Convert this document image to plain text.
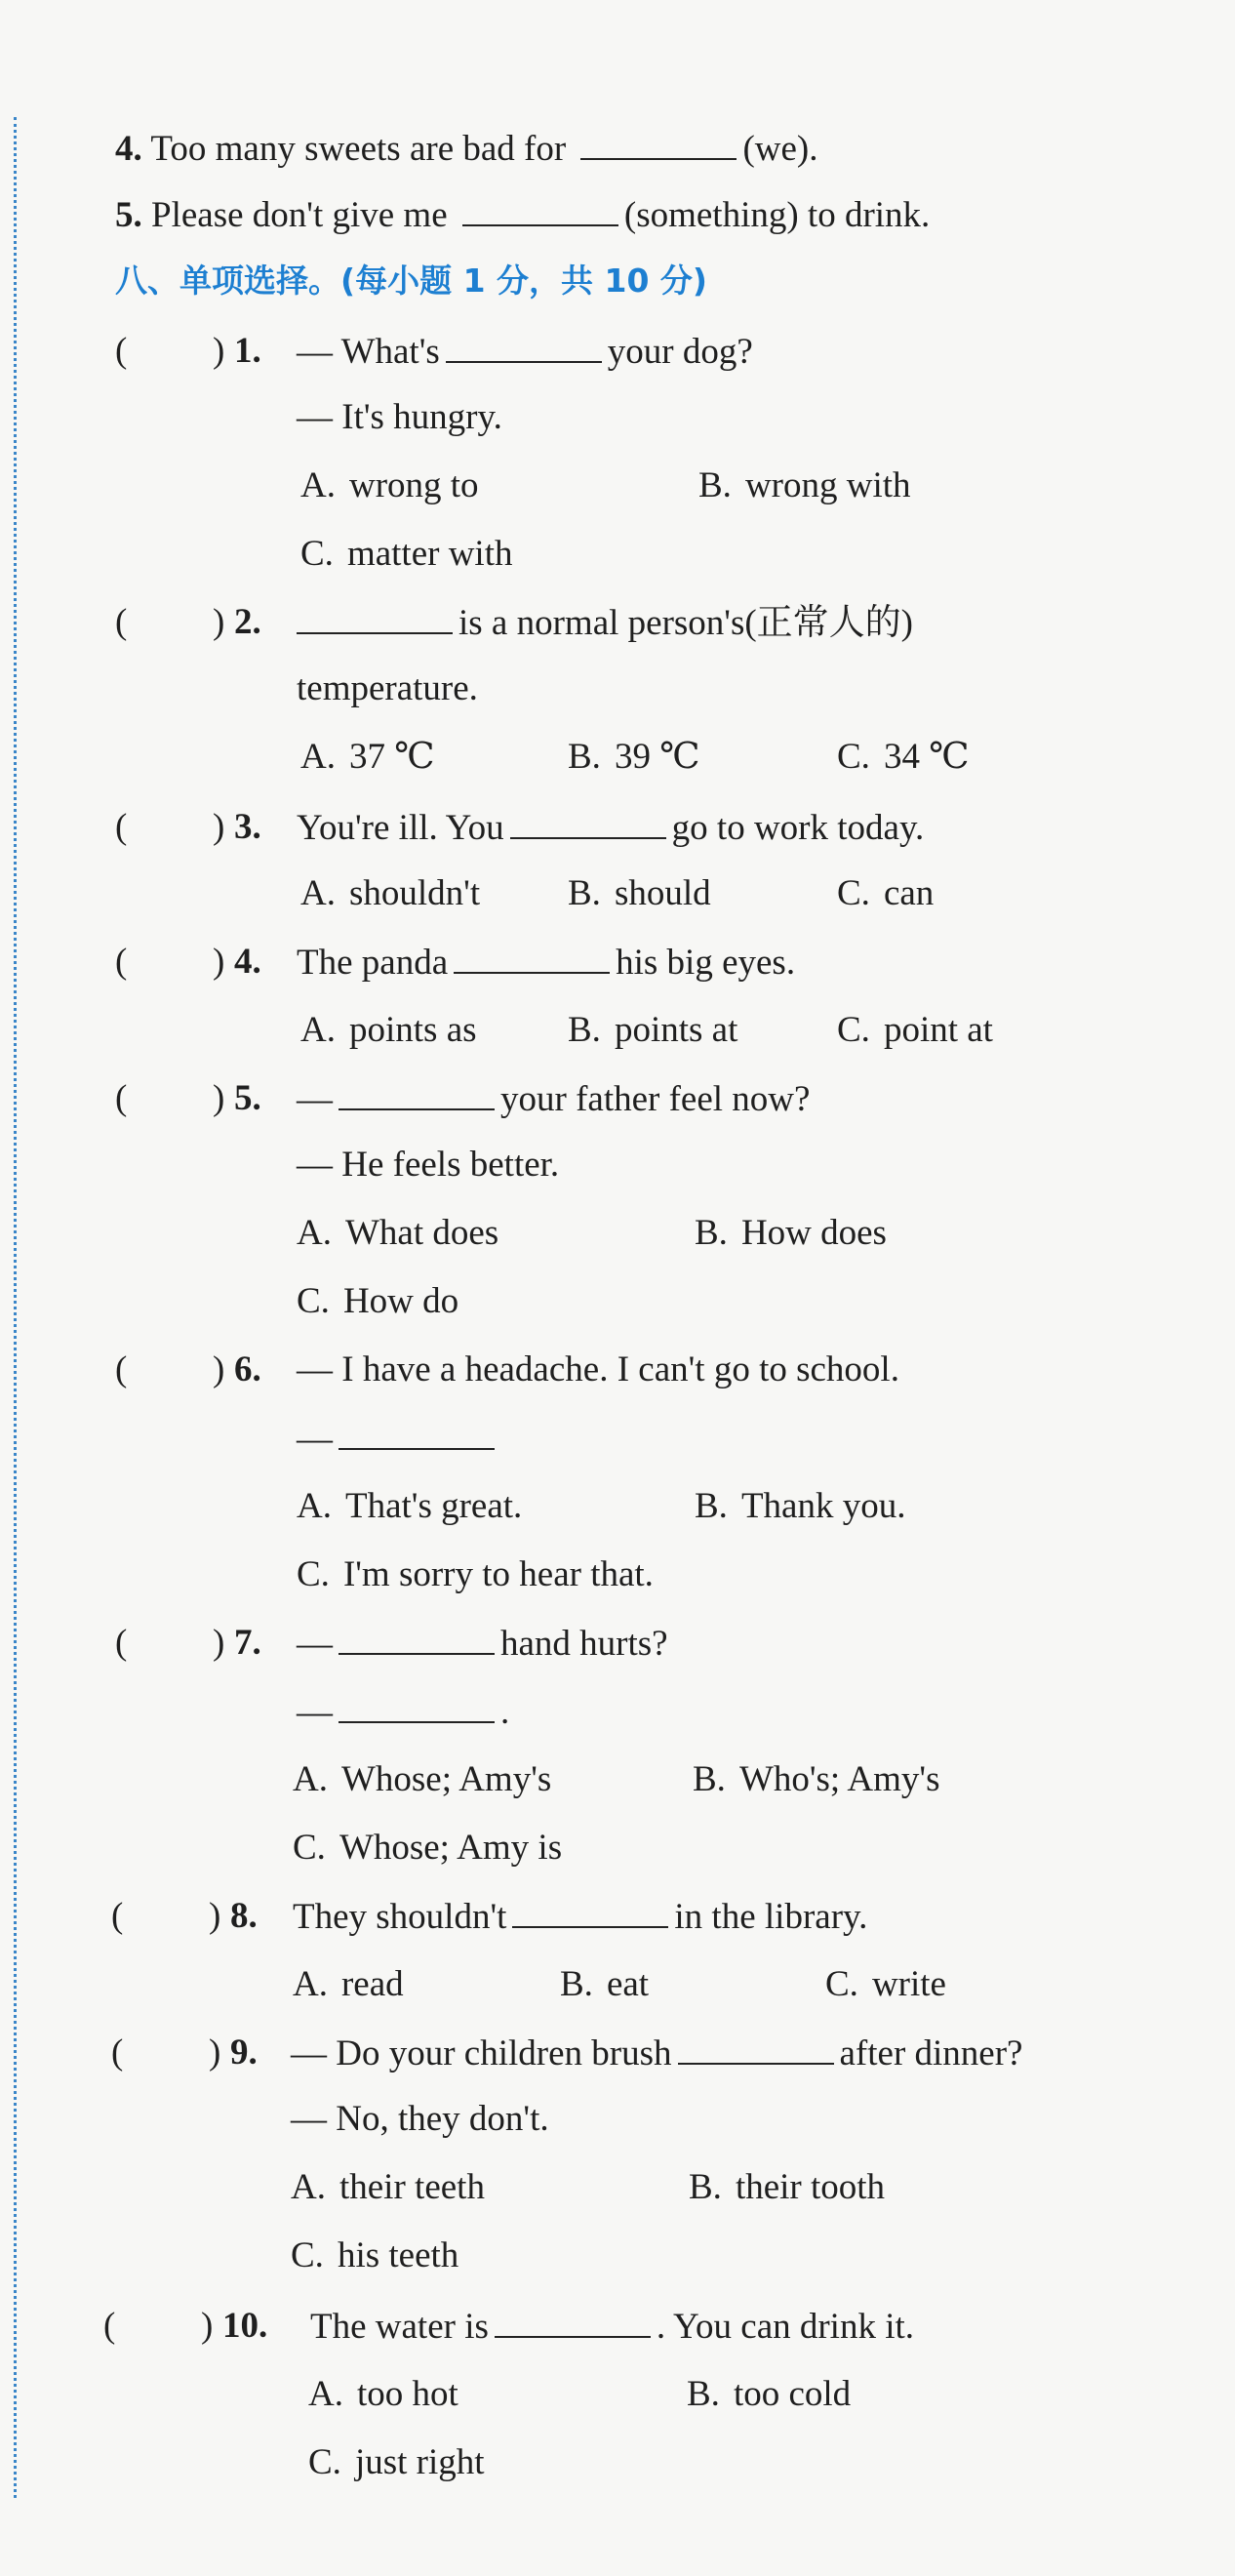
4. Too many sweets are bad for	(we).
5. Please don't give me	(something) to drink.
八、单项选择。(每小题 1 分，共 10 分)
( ) 1. — What's	your dog?
— It's hungry.
A. wrong to	B. wrong with
C. matter with
( ) 2.	is a normal person's(正常人的)
temperature.
A. 37 ℃	B. 39 ℃	C. 34 ℃
( ) 3. You're ill. You	go to work today.
A. shouldn't B. should	C. can
( ) 4. The panda	his big eyes.
A. points as	B. points at	C. point at
( ) 5. —	your father feel now?
— He feels better.
A. What does	B. How does
C. How do
( ) 6. — I have a headache. I can't go to school.
—
A. That's great.	B. Thank you.
C. I'm sorry to hear that.
( ) 7. —	hand hurts?
—	.
A. Whose; Amy's	B. Who's; Amy's
C. Whose; Amy is
( ) 8. They shouldn't	in the library.
A. read	B. eat	C. write
( ) 9. — Do your children brush	after dinner?
— No, they don't.
A. their teeth	B. their tooth
C. his teeth
( ) 10. The water is	. You can drink it.
A. too hot	B. too cold
C. just right
